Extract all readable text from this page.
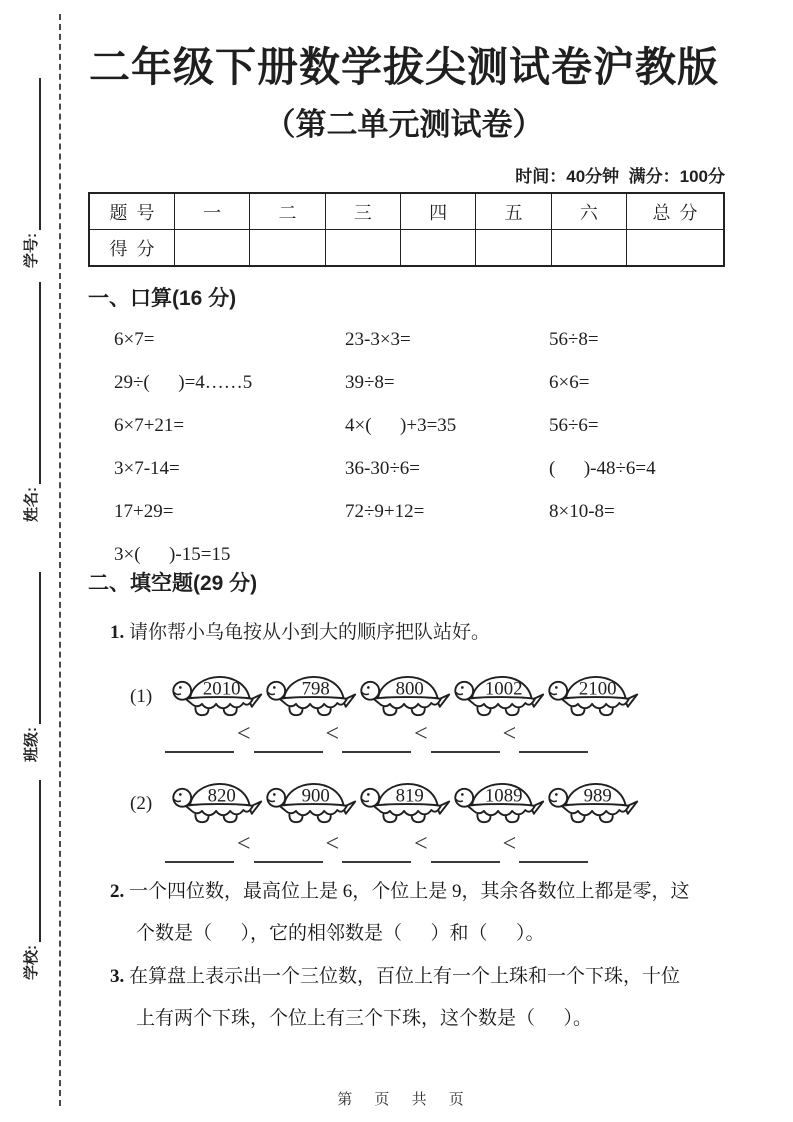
学号:
姓名:
班级:
学校:
二年级下册数学拔尖测试卷沪教版
（第二单元测试卷）
时间：40分钟  满分：100分
题  号	一	二	三	四	五	六	总  分
得  分							
一、口算(16 分)
6×7=	23-3×3=	56÷8=
29÷(      )=4……5	39÷8=	6×6=
6×7+21=	4×(      )+3=35	56÷6=
3×7-14=	36-30÷6=	(      )-48÷6=4
17+29=	72÷9+12=	8×10-8=
3×(      )-15=15
二、填空题(29 分)
1. 请你帮小乌龟按从小到大的顺序把队站好。
(1)	2010	798	800	1002	2100
<	<	<	<
(2)	820	900	819	1089	989
<	<	<	<
2. 一个四位数，最高位上是 6，个位上是 9，其余各数位上都是零，这
个数是（      ），它的相邻数是（      ）和（      ）。
3. 在算盘上表示出一个三位数，百位上有一个上珠和一个下珠，十位
上有两个下珠，个位上有三个下珠，这个数是（      ）。
第 页 共 页
